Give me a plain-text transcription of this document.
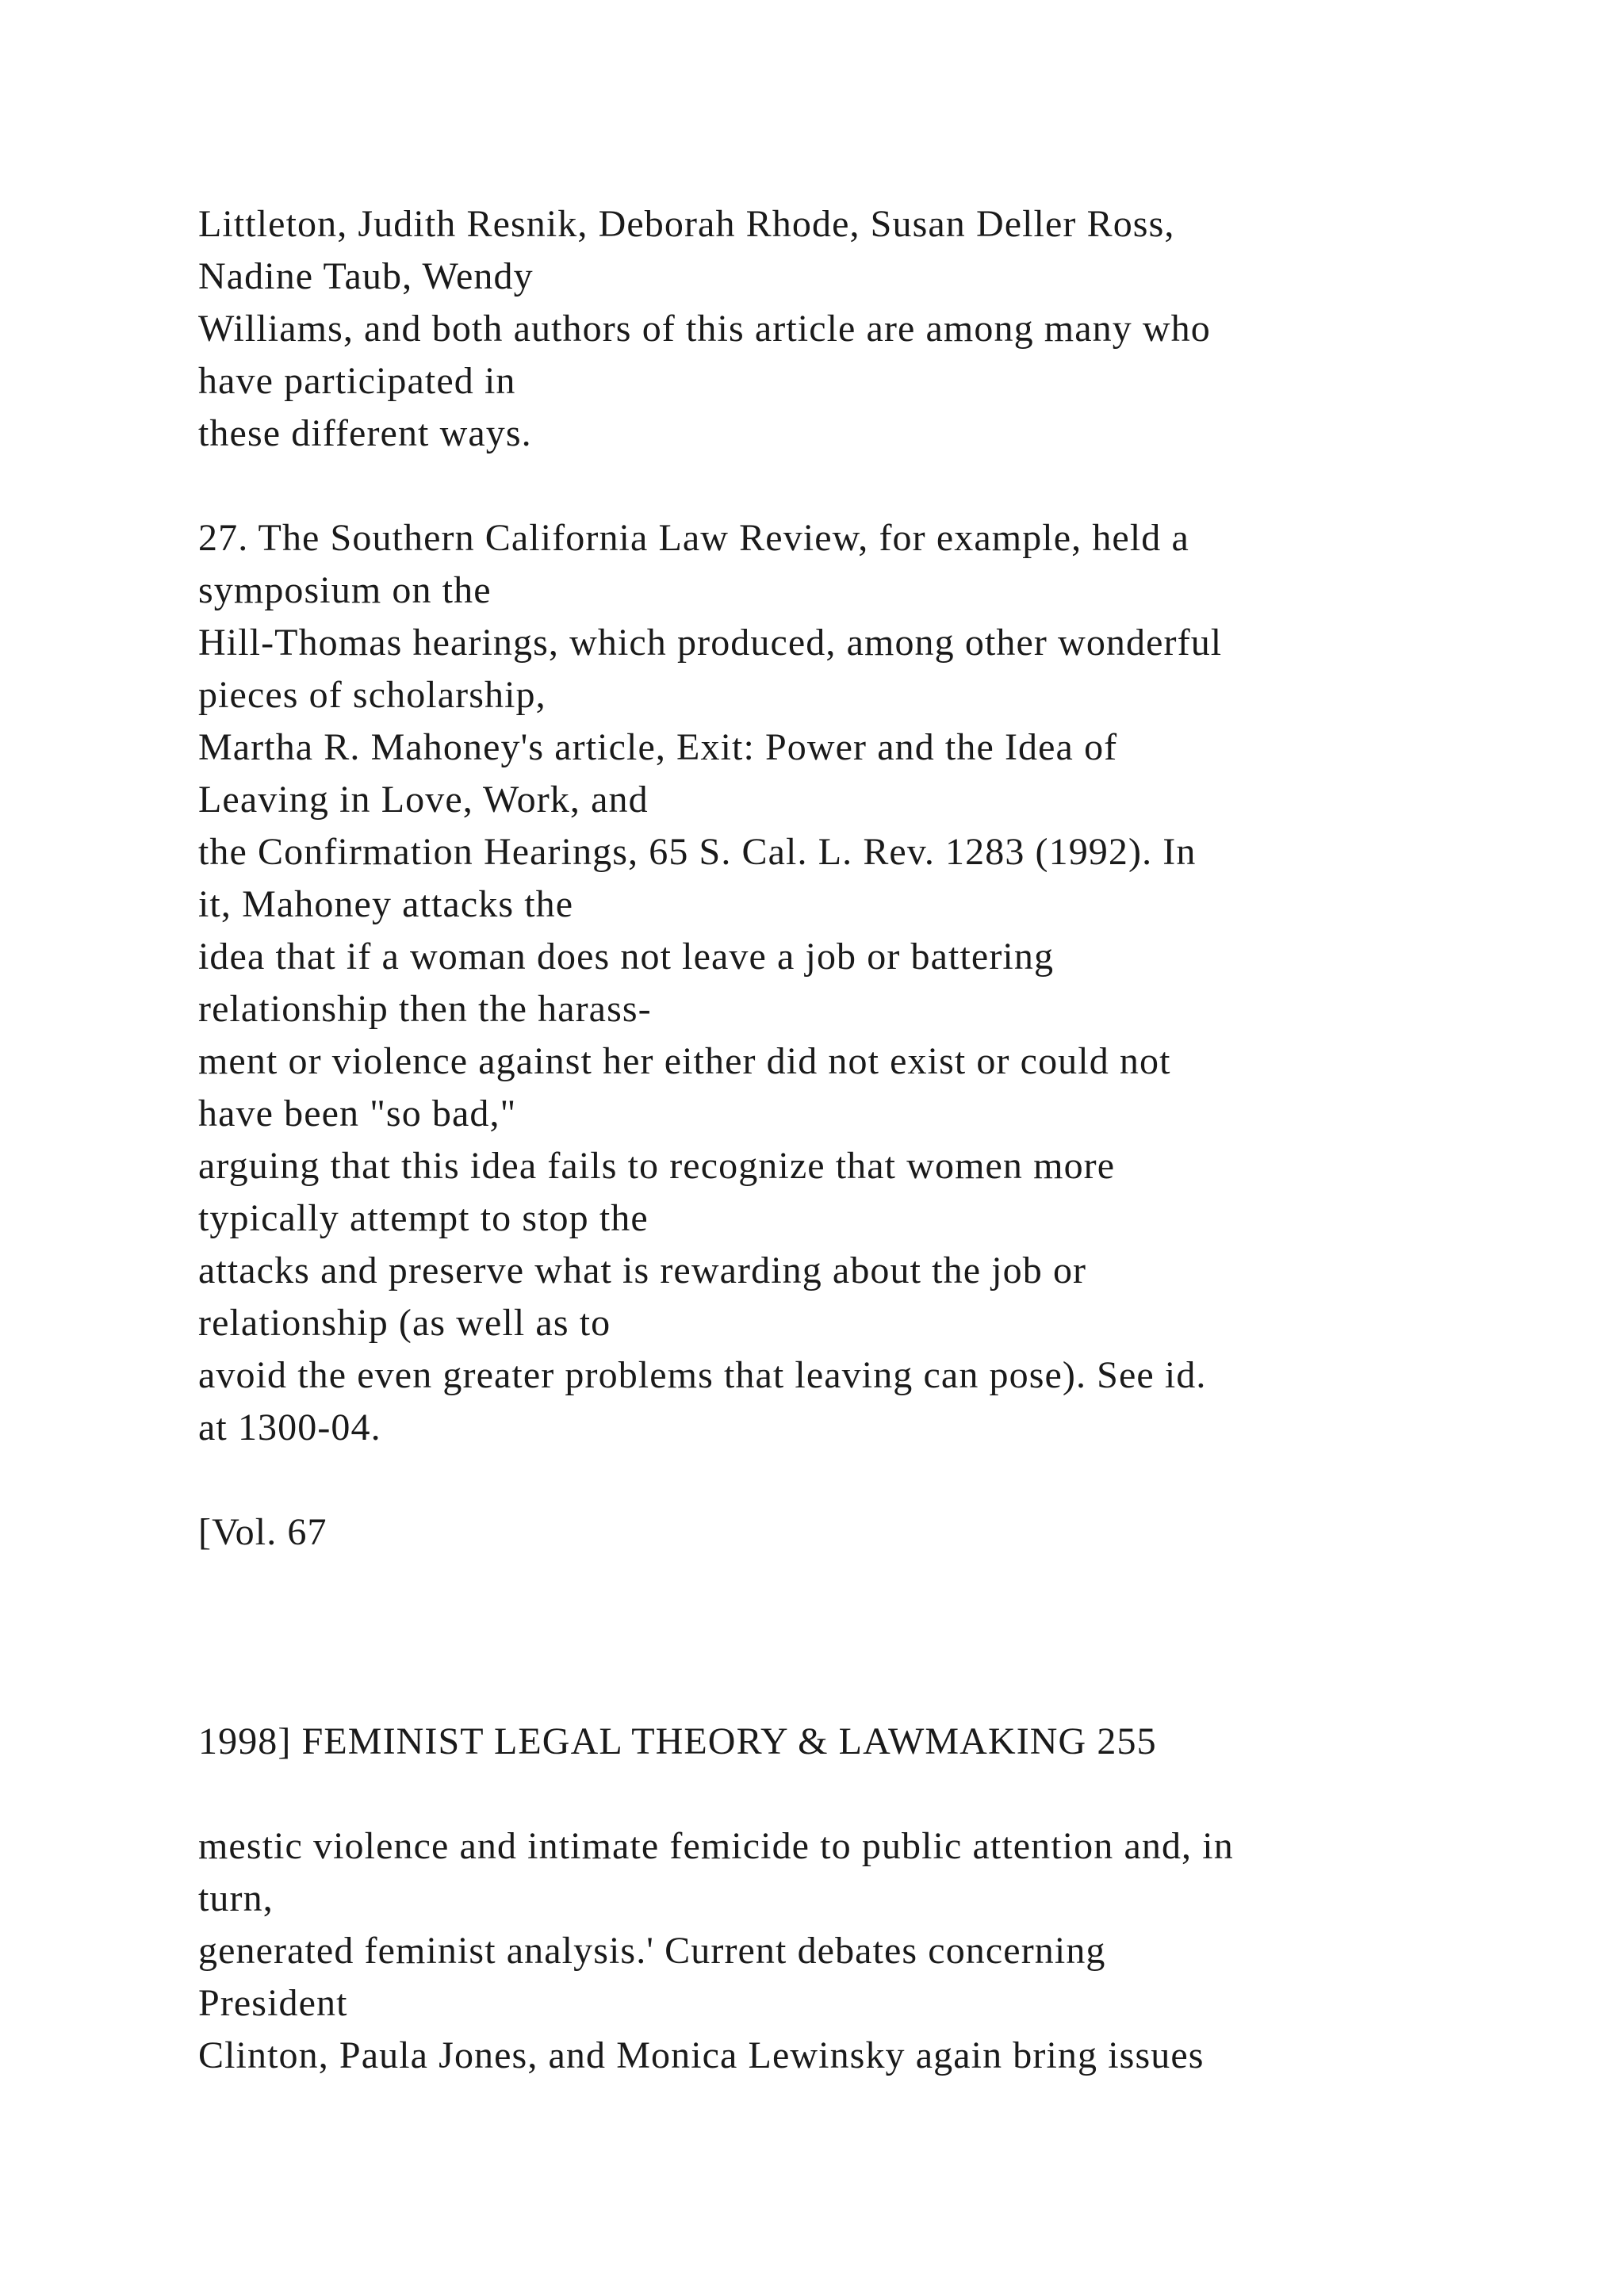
Littleton, Judith Resnik, Deborah Rhode, Susan Deller Ross,
Nadine Taub, Wendy
Williams, and both authors of this article are among many who
have participated in
these different ways.
27. The Southern California Law Review, for example, held a
symposium on the
Hill-Thomas hearings, which produced, among other wonderful
pieces of scholarship,
Martha R. Mahoney's article, Exit: Power and the Idea of
Leaving in Love, Work, and
the Confirmation Hearings, 65 S. Cal. L. Rev. 1283 (1992). In
it, Mahoney attacks the
idea that if a woman does not leave a job or battering
relationship then the harass-
ment or violence against her either did not exist or could not
have been "so bad,"
arguing that this idea fails to recognize that women more
typically attempt to stop the
attacks and preserve what is rewarding about the job or
relationship (as well as to
avoid the even greater problems that leaving can pose). See id.
at 1300-04.
[Vol. 67
1998] FEMINIST LEGAL THEORY & LAWMAKING 255
mestic violence and intimate femicide to public attention and, in
turn,
generated feminist analysis.' Current debates concerning
President
Clinton, Paula Jones, and Monica Lewinsky again bring issues
